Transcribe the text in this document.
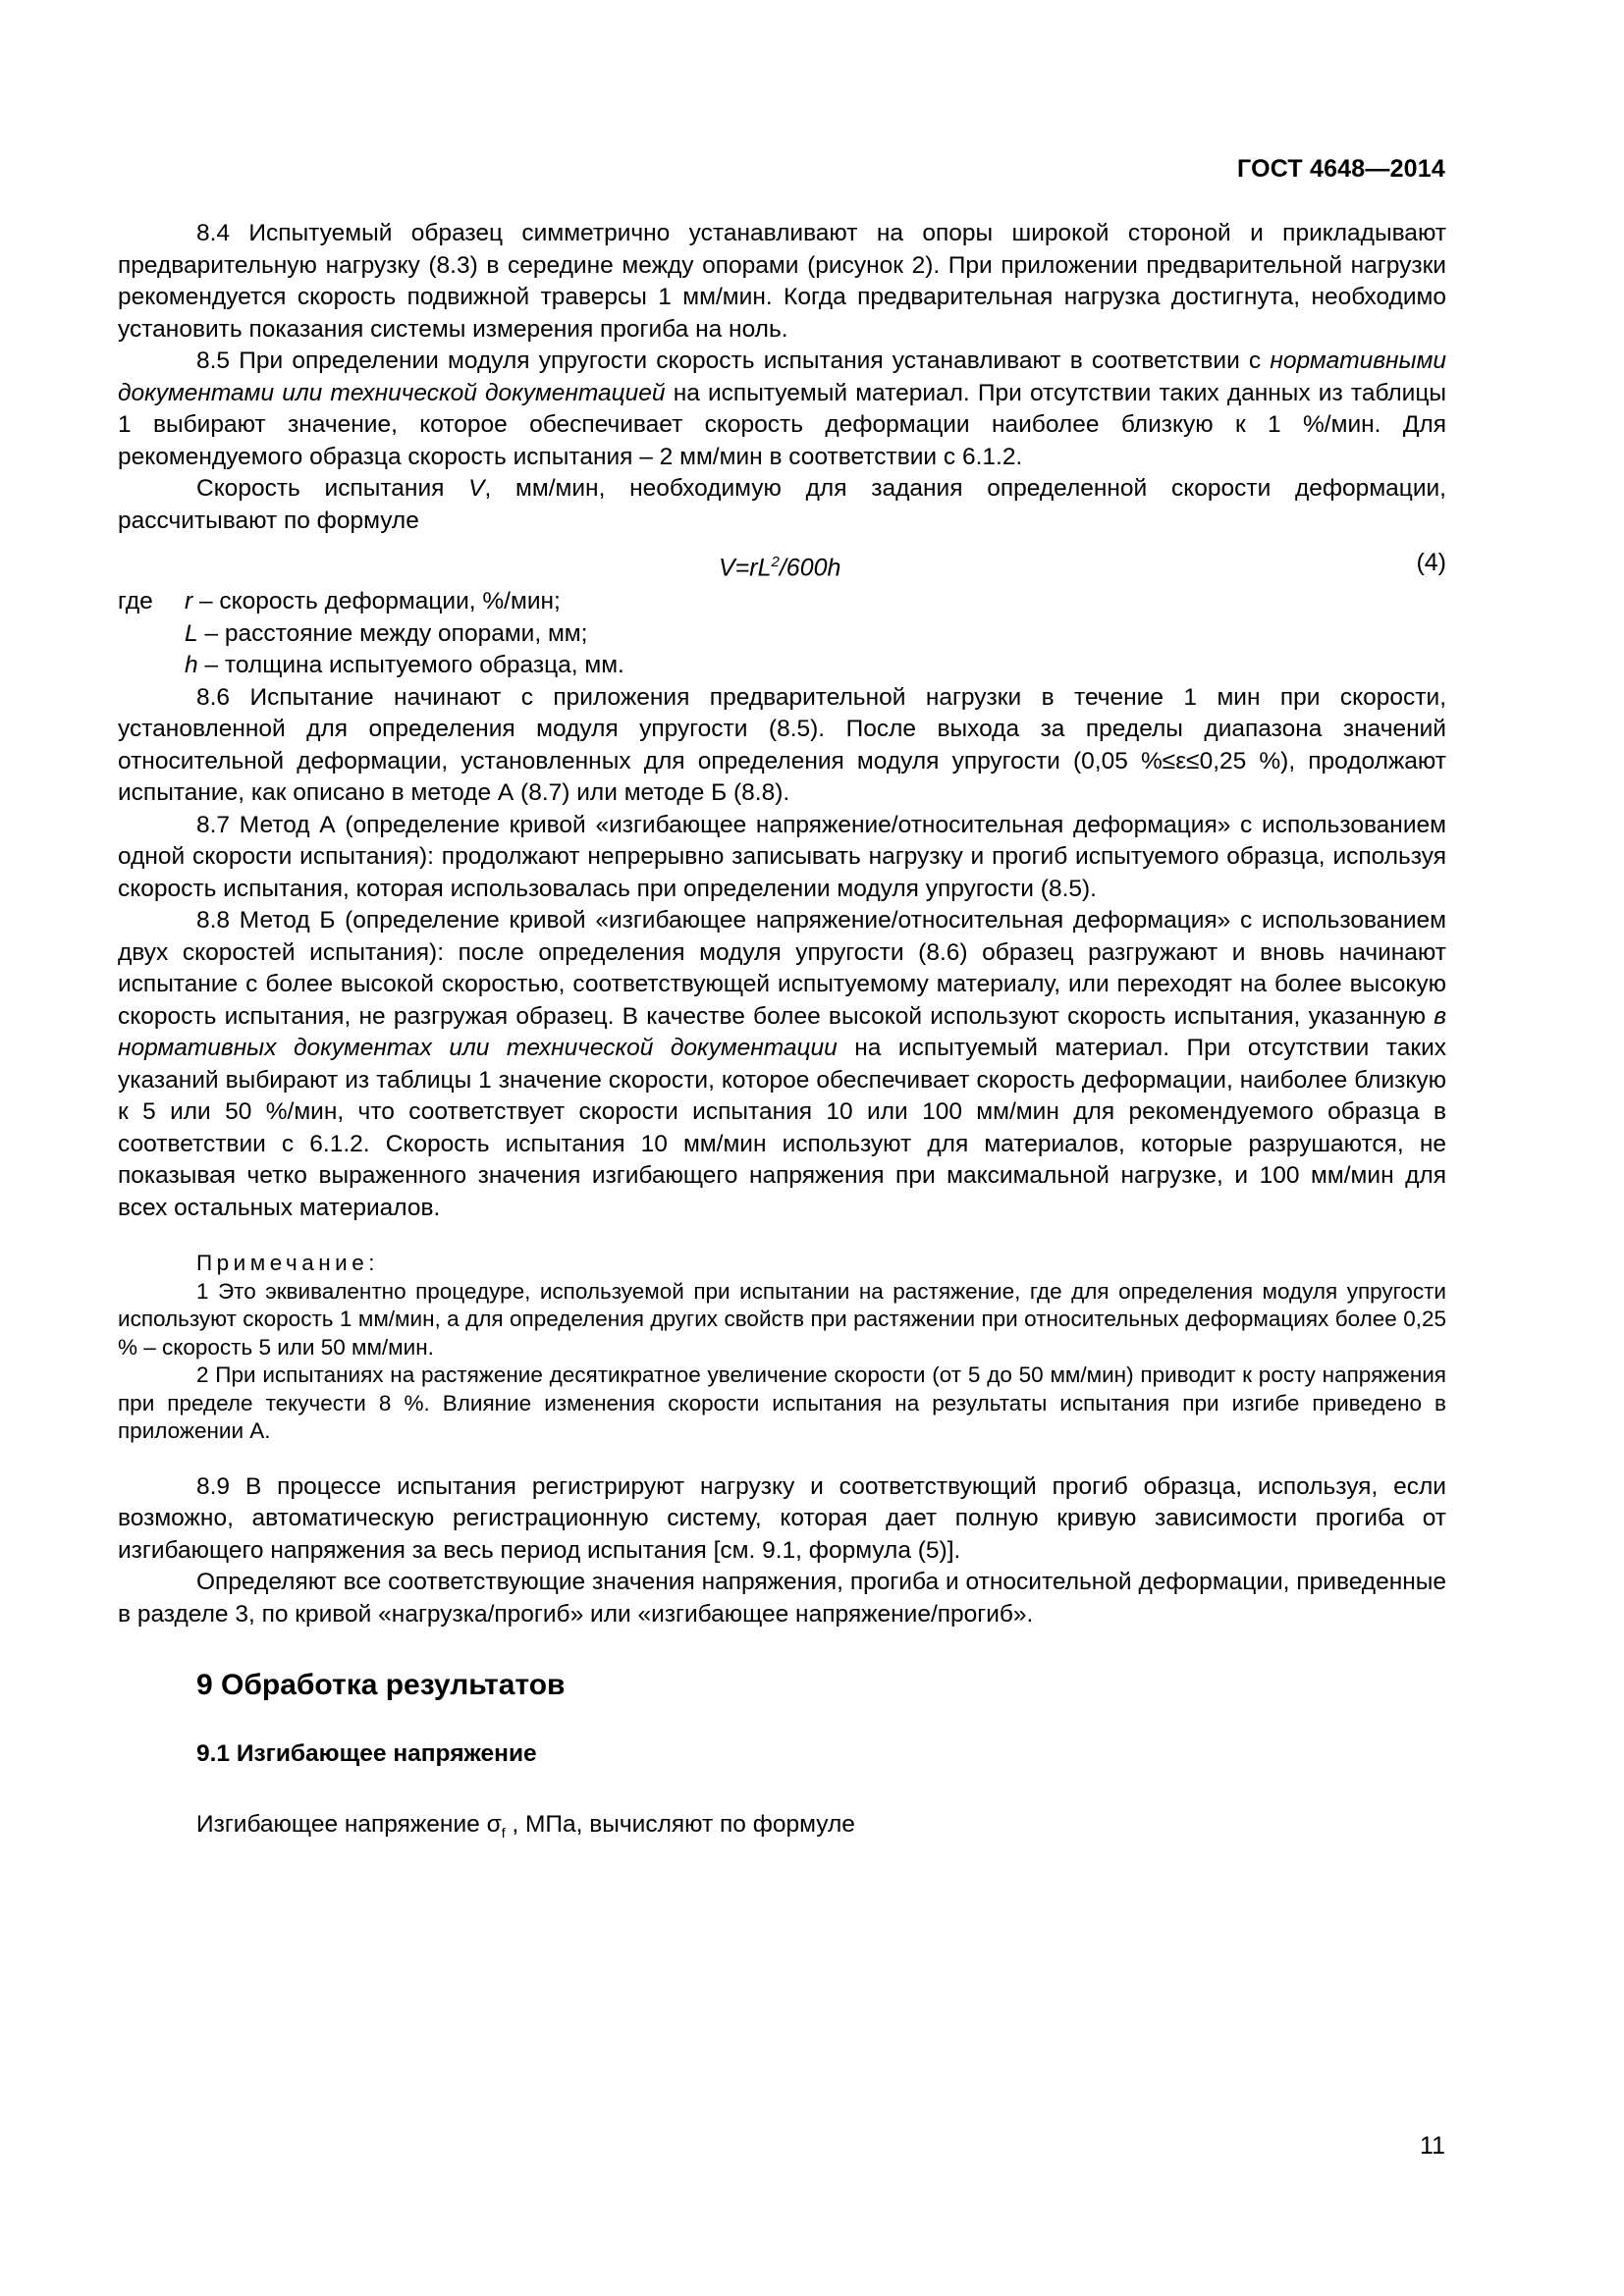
ГОСТ 4648—2014

8.4 Испытуемый образец симметрично устанавливают на опоры широкой стороной и прикладывают предварительную нагрузку (8.3) в середине между опорами (рисунок 2). При приложении предварительной нагрузки рекомендуется скорость подвижной траверсы 1 мм/мин. Когда предварительная нагрузка достигнута, необходимо установить показания системы измерения прогиба на ноль.

8.5 При определении модуля упругости скорость испытания устанавливают в соответствии с нормативными документами или технической документацией на испытуемый материал. При отсутствии таких данных из таблицы 1 выбирают значение, которое обеспечивает скорость деформации наиболее близкую к 1 %/мин. Для рекомендуемого образца скорость испытания – 2 мм/мин в соответствии с 6.1.2.

Скорость испытания V, мм/мин, необходимую для задания определенной скорости деформации, рассчитывают по формуле

$V=rL^2/600h$	(4)
где r – скорость деформации, %/мин;
L – расстояние между опорами, мм;
h – толщина испытуемого образца, мм.

8.6 Испытание начинают с приложения предварительной нагрузки в течение 1 мин при скорости, установленной для определения модуля упругости (8.5). После выхода за пределы диапазона значений относительной деформации, установленных для определения модуля упругости (0,05 %≤ε≤0,25 %), продолжают испытание, как описано в методе А (8.7) или методе Б (8.8).

8.7 Метод А (определение кривой «изгибающее напряжение/относительная деформация» с использованием одной скорости испытания): продолжают непрерывно записывать нагрузку и прогиб испытуемого образца, используя скорость испытания, которая использовалась при определении модуля упругости (8.5).

8.8 Метод Б (определение кривой «изгибающее напряжение/относительная деформация» с использованием двух скоростей испытания): после определения модуля упругости (8.6) образец разгружают и вновь начинают испытание с более высокой скоростью, соответствующей испытуемому материалу, или переходят на более высокую скорость испытания, не разгружая образец. В качестве более высокой используют скорость испытания, указанную в нормативных документах или технической документации на испытуемый материал. При отсутствии таких указаний выбирают из таблицы 1 значение скорости, которое обеспечивает скорость деформации, наиболее близкую к 5 или 50 %/мин, что соответствует скорости испытания 10 или 100 мм/мин для рекомендуемого образца в соответствии с 6.1.2. Скорость испытания 10 мм/мин используют для материалов, которые разрушаются, не показывая четко выраженного значения изгибающего напряжения при максимальной нагрузке, и 100 мм/мин для всех остальных материалов.

Примечание:

1 Это эквивалентно процедуре, используемой при испытании на растяжение, где для определения модуля упругости используют скорость 1 мм/мин, а для определения других свойств при растяжении при относительных деформациях более 0,25 % – скорость 5 или 50 мм/мин.

2 При испытаниях на растяжение десятикратное увеличение скорости (от 5 до 50 мм/мин) приводит к росту напряжения при пределе текучести 8 %. Влияние изменения скорости испытания на результаты испытания при изгибе приведено в приложении А.

8.9 В процессе испытания регистрируют нагрузку и соответствующий прогиб образца, используя, если возможно, автоматическую регистрационную систему, которая дает полную кривую зависимости прогиба от изгибающего напряжения за весь период испытания [см. 9.1, формула (5)].

Определяют все соответствующие значения напряжения, прогиба и относительной деформации, приведенные в разделе 3, по кривой «нагрузка/прогиб» или «изгибающее напряжение/прогиб».

9 Обработка результатов
9.1 Изгибающее напряжение
Изгибающее напряжение $\sigma_f$ , МПа, вычисляют по формуле
11
